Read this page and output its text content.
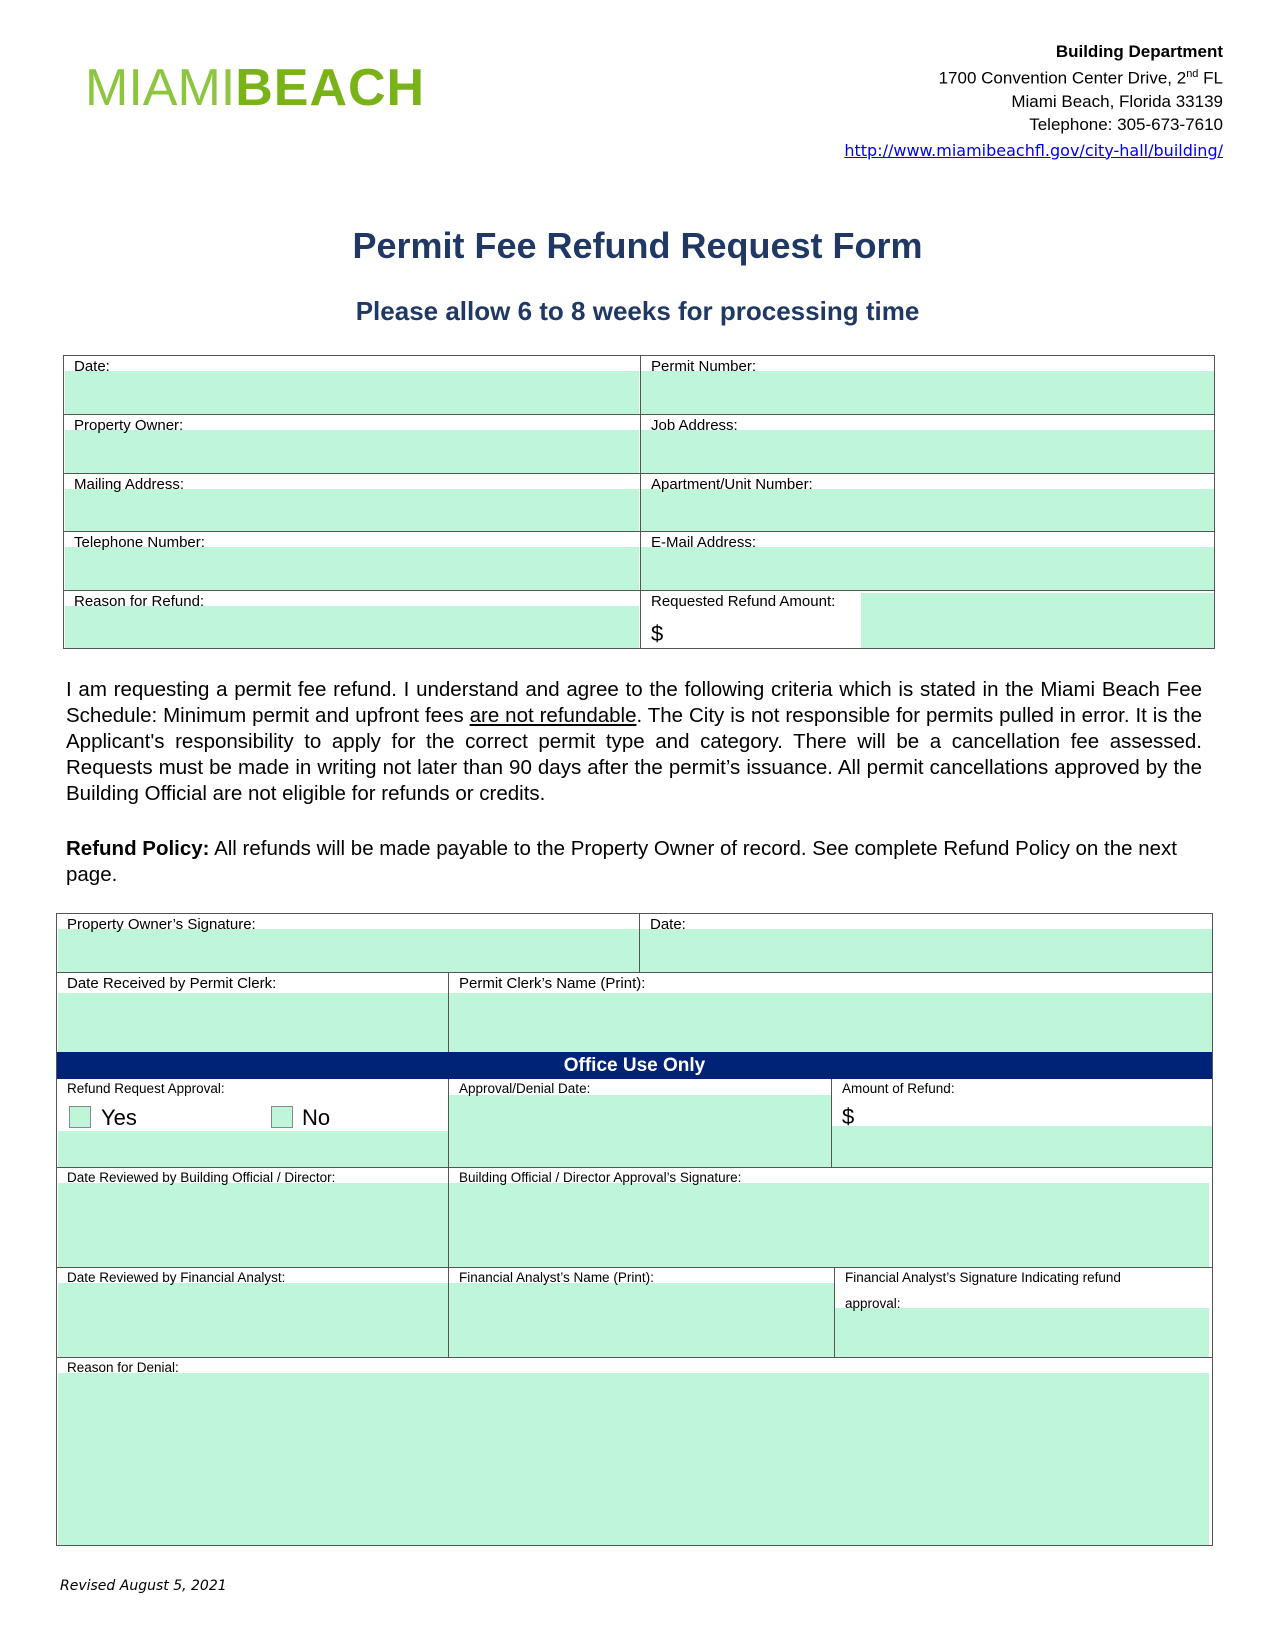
MIAMIBEACH
Building Department
1700 Convention Center Drive, 2nd FL
Miami Beach, Florida 33139
Telephone: 305-673-7610
http://www.miamibeachfl.gov/city-hall/building/
Permit Fee Refund Request Form
Please allow 6 to 8 weeks for processing time
Date:	Permit Number:
Property Owner:	Job Address:
Mailing Address:	Apartment/Unit Number:
Telephone Number:	E-Mail Address:
Reason for Refund:	Requested Refund Amount:
$
I am requesting a permit fee refund. I understand and agree to the following criteria which is stated in the Miami Beach Fee Schedule: Minimum permit and upfront fees are not refundable. The City is not responsible for permits pulled in error. It is the Applicant's responsibility to apply for the correct permit type and category. There will be a cancellation fee assessed. Requests must be made in writing not later than 90 days after the permit’s issuance. All permit cancellations approved by the Building Official are not eligible for refunds or credits.
Refund Policy: All refunds will be made payable to the Property Owner of record. See complete Refund Policy on the next page.
Office Use Only
Property Owner’s Signature:	Date:
Date Received by Permit Clerk:	Permit Clerk’s Name (Print):
Refund Request Approval:
Yes	No
Approval/Denial Date:	Amount of Refund:
$
Date Reviewed by Building Official / Director:	Building Official / Director Approval’s Signature:
Date Reviewed by Financial Analyst:	Financial Analyst’s Name (Print):	Financial Analyst’s Signature Indicating refund
approval:
Reason for Denial:
Revised August 5, 2021
